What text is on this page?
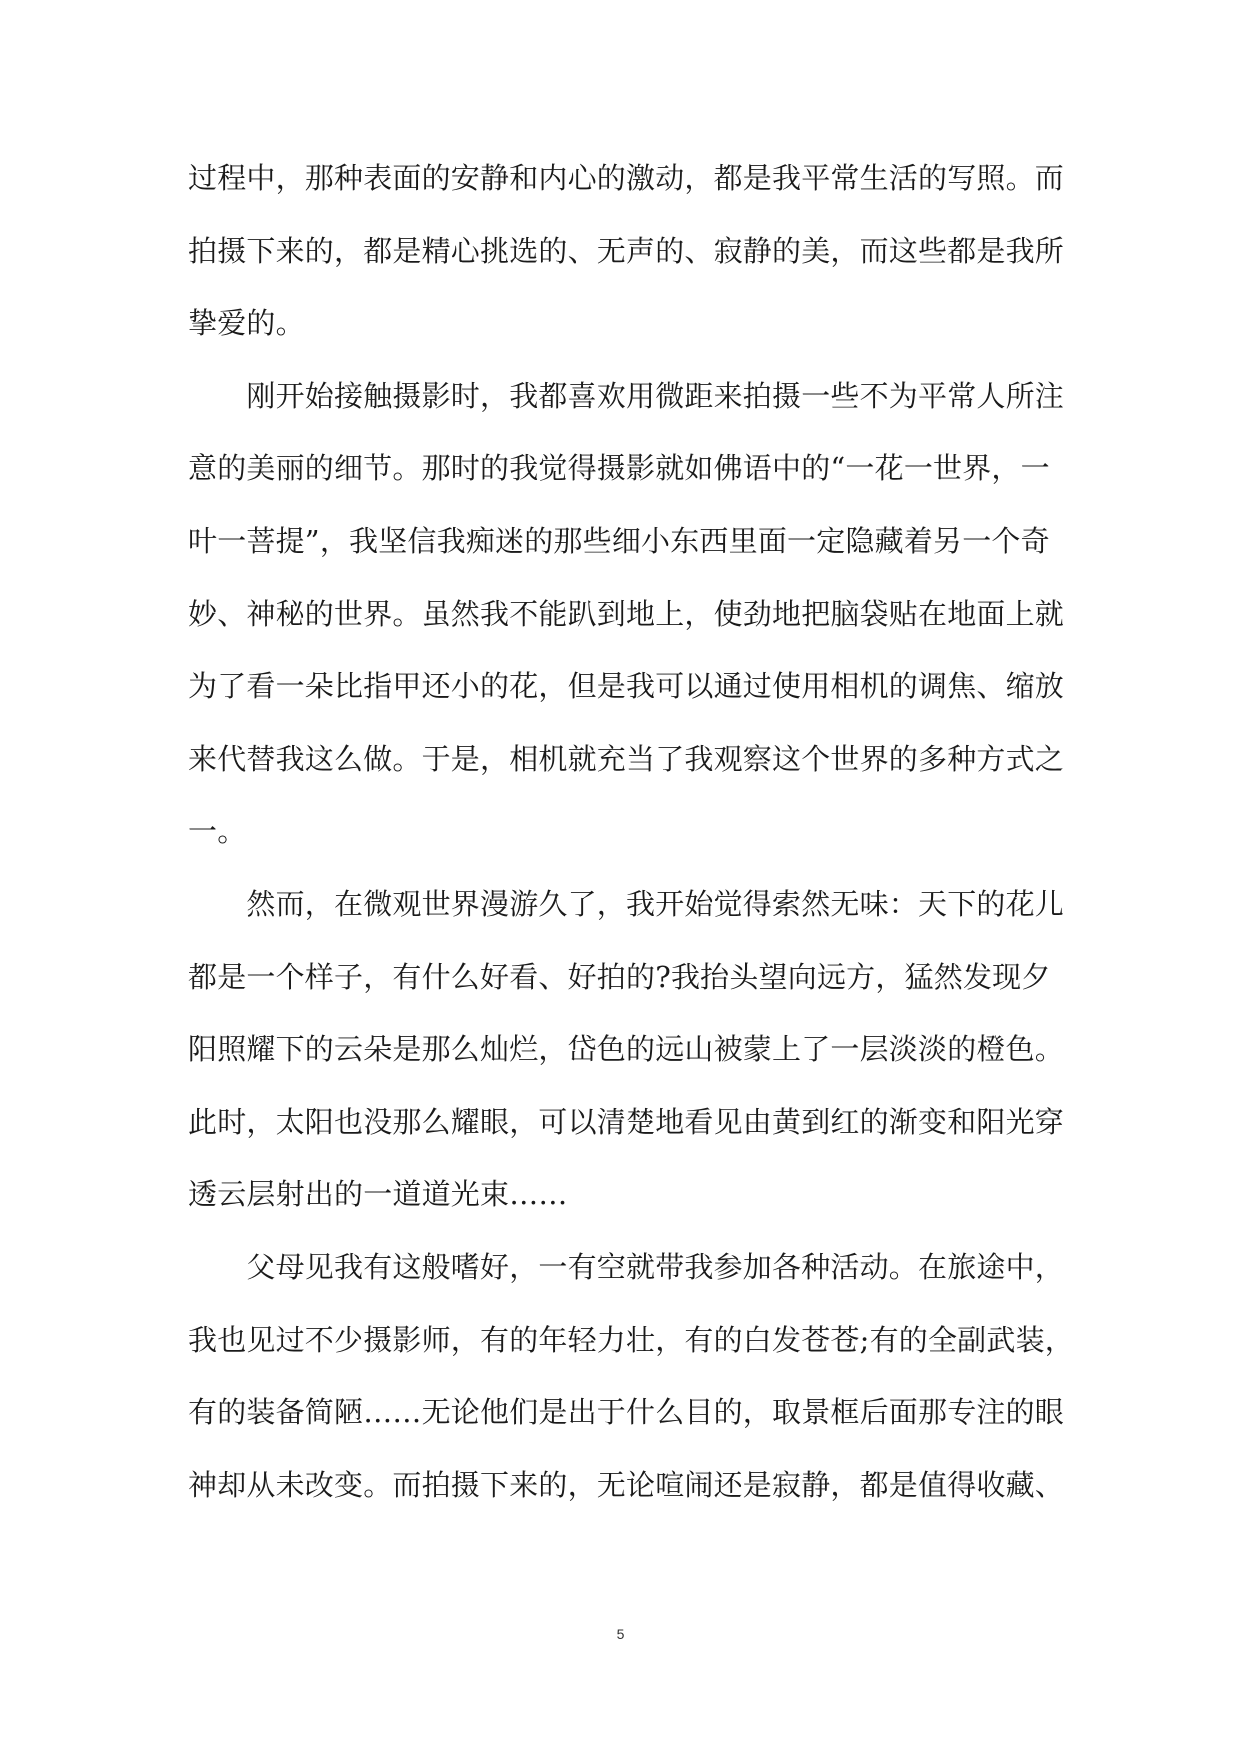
过程中，那种表面的安静和内心的激动，都是我平常生活的写照。而
拍摄下来的，都是精心挑选的、无声的、寂静的美，而这些都是我所
挚爱的。
　　刚开始接触摄影时，我都喜欢用微距来拍摄一些不为平常人所注
意的美丽的细节。那时的我觉得摄影就如佛语中的“一花一世界，一
叶一菩提”，我坚信我痴迷的那些细小东西里面一定隐藏着另一个奇
妙、神秘的世界。虽然我不能趴到地上，使劲地把脑袋贴在地面上就
为了看一朵比指甲还小的花，但是我可以通过使用相机的调焦、缩放
来代替我这么做。于是，相机就充当了我观察这个世界的多种方式之
一。
　　然而，在微观世界漫游久了，我开始觉得索然无味：天下的花儿
都是一个样子，有什么好看、好拍的?我抬头望向远方，猛然发现夕
阳照耀下的云朵是那么灿烂，岱色的远山被蒙上了一层淡淡的橙色。
此时，太阳也没那么耀眼，可以清楚地看见由黄到红的渐变和阳光穿
透云层射出的一道道光束……
　　父母见我有这般嗜好，一有空就带我参加各种活动。在旅途中，
我也见过不少摄影师，有的年轻力壮，有的白发苍苍;有的全副武装，
有的装备简陋……无论他们是出于什么目的，取景框后面那专注的眼
神却从未改变。而拍摄下来的，无论喧闹还是寂静，都是值得收藏、
5
